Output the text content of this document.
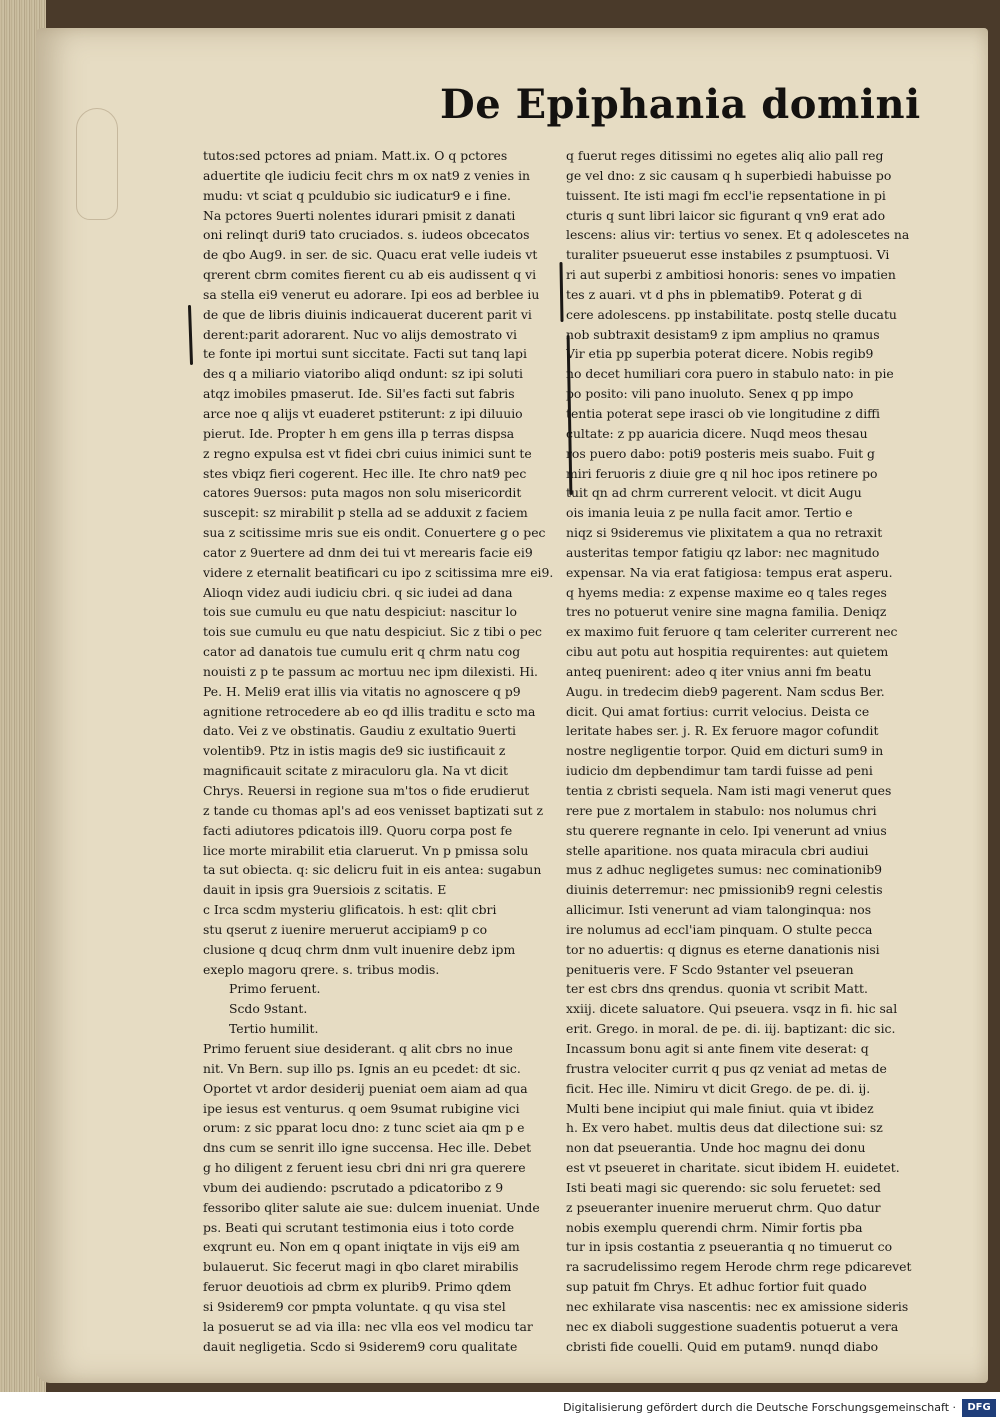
De Epiphania domini
tutos:sed pctores ad pniam. Matt.ix. O q pctores
aduertite qle iudiciu fecit chrs m ox nat9 z venies in
mudu: vt sciat q pculdubio sic iudicatur9 e i fine.
Na pctores 9uerti nolentes idurari pmisit z danati
oni relinqt duri9 tato cruciados. s. iudeos obcecatos
de qbo Aug9. in ser. de sic. Quacu erat velle iudeis vt
qrerent cbrm comites fierent cu ab eis audissent q vi
sa stella ei9 venerut eu adorare. Ipi eos ad berblee iu
de que de libris diuinis indicauerat ducerent parit vi
derent:parit adorarent. Nuc vo alijs demostrato vi
te fonte ipi mortui sunt siccitate. Facti sut tanq lapi
des q a miliario viatoribo aliqd ondunt: sz ipi soluti
atqz imobiles pmaserut. Ide. Sil'es facti sut fabris
arce noe q alijs vt euaderet pstiterunt: z ipi diluuio
pierut. Ide. Propter h em gens illa p terras dispsa
z regno expulsa est vt fidei cbri cuius inimici sunt te
stes vbiqz fieri cogerent. Hec ille. Ite chro nat9 pec
catores 9uersos: puta magos non solu misericordit
suscepit: sz mirabilit p stella ad se adduxit z faciem
sua z scitissime mris sue eis ondit. Conuertere g o pec
cator z 9uertere ad dnm dei tui vt merearis facie ei9
videre z eternalit beatificari cu ipo z scitissima mre ei9.
Alioqn videz audi iudiciu cbri. q sic iudei ad dana
tois sue cumulu eu que natu despiciut: nascitur lo
tois sue cumulu eu que natu despiciut. Sic z tibi o pec
cator ad danatois tue cumulu erit q chrm natu cog
nouisti z p te passum ac mortuu nec ipm dilexisti. Hi.
Pe. H. Meli9 erat illis via vitatis no agnoscere q p9
agnitione retrocedere ab eo qd illis traditu e scto ma
dato. Vei z ve obstinatis. Gaudiu z exultatio 9uerti
volentib9. Ptz in istis magis de9 sic iustificauit z
magnificauit scitate z miraculoru gla. Na vt dicit
Chrys. Reuersi in regione sua m'tos o fide erudierut
z tande cu thomas apl's ad eos venisset baptizati sut z
facti adiutores pdicatois ill9. Quoru corpa post fe
lice morte mirabilit etia claruerut. Vn p pmissa solu
ta sut obiecta. q: sic delicru fuit in eis antea: sugabun
dauit in ipsis gra 9uersiois z scitatis. E
c Irca scdm mysteriu glificatois. h est: qlit cbri
stu qserut z iuenire meruerut accipiam9 p co
clusione q dcuq chrm dnm vult inuenire debz ipm
exeplo magoru qrere. s. tribus modis.
Primo feruent.
Scdo 9stant.
Tertio humilit.
Primo feruent siue desiderant. q alit cbrs no inue
nit. Vn Bern. sup illo ps. Ignis an eu pcedet: dt sic.
Oportet vt ardor desiderij pueniat oem aiam ad qua
ipe iesus est venturus. q oem 9sumat rubigine vici
orum: z sic pparat locu dno: z tunc sciet aia qm p e
dns cum se senrit illo igne succensa. Hec ille. Debet
g ho diligent z feruent iesu cbri dni nri gra querere
vbum dei audiendo: pscrutado a pdicatoribo z 9
fessoribo qliter salute aie sue: dulcem inueniat. Unde
ps. Beati qui scrutant testimonia eius i toto corde
exqrunt eu. Non em q opant iniqtate in vijs ei9 am
bulauerut. Sic fecerut magi in qbo claret mirabilis
feruor deuotiois ad cbrm ex plurib9. Primo qdem
si 9siderem9 cor pmpta voluntate. q qu visa stel
la posuerut se ad via illa: nec vlla eos vel modicu tar
dauit negligetia. Scdo si 9siderem9 coru qualitate
q fuerut reges ditissimi no egetes aliq alio pall reg
ge vel dno: z sic causam q h superbiedi habuisse po
tuissent. Ite isti magi fm eccl'ie repsentatione in pi
cturis q sunt libri laicor sic figurant q vn9 erat ado
lescens: alius vir: tertius vo senex. Et q adolescetes na
turaliter psueuerut esse instabiles z psumptuosi. Vi
ri aut superbi z ambitiosi honoris: senes vo impatien
tes z auari. vt d phs in pblematib9. Poterat g di
cere adolescens. pp instabilitate. postq stelle ducatu
nob subtraxit desistam9 z ipm amplius no qramus
Vir etia pp superbia poterat dicere. Nobis regib9
no decet humiliari cora puero in stabulo nato: in pie
po posito: vili pano inuoluto. Senex q pp impo
tentia poterat sepe irasci ob vie longitudine z diffi
cultate: z pp auaricia dicere. Nuqd meos thesau
ros puero dabo: poti9 posteris meis suabo. Fuit g
miri feruoris z diuie gre q nil hoc ipos retinere po
tuit qn ad chrm currerent velocit. vt dicit Augu
ois imania leuia z pe nulla facit amor. Tertio e
niqz si 9sideremus vie plixitatem a qua no retraxit
austeritas tempor fatigiu qz labor: nec magnitudo
expensar. Na via erat fatigiosa: tempus erat asperu.
q hyems media: z expense maxime eo q tales reges
tres no potuerut venire sine magna familia. Deniqz
ex maximo fuit feruore q tam celeriter currerent nec
cibu aut potu aut hospitia requirentes: aut quietem
anteq puenirent: adeo q iter vnius anni fm beatu
Augu. in tredecim dieb9 pagerent. Nam scdus Ber.
dicit. Qui amat fortius: currit velocius. Deista ce
leritate habes ser. j. R. Ex feruore magor cofundit
nostre negligentie torpor. Quid em dicturi sum9 in
iudicio dm depbendimur tam tardi fuisse ad peni
tentia z cbristi sequela. Nam isti magi venerut ques
rere pue z mortalem in stabulo: nos nolumus chri
stu querere regnante in celo. Ipi venerunt ad vnius
stelle aparitione. nos quata miracula cbri audiui
mus z adhuc negligetes sumus: nec cominationib9
diuinis deterremur: nec pmissionib9 regni celestis
allicimur. Isti venerunt ad viam talonginqua: nos
ire nolumus ad eccl'iam pinquam. O stulte pecca
tor no aduertis: q dignus es eterne danationis nisi
penitueris vere. F Scdo 9stanter vel pseueran
ter est cbrs dns qrendus. quonia vt scribit Matt.
xxiij. dicete saluatore. Qui pseuera. vsqz in fi. hic sal
erit. Grego. in moral. de pe. di. iij. baptizant: dic sic.
Incassum bonu agit si ante finem vite deserat: q
frustra velociter currit q pus qz veniat ad metas de
ficit. Hec ille. Nimiru vt dicit Grego. de pe. di. ij.
Multi bene incipiut qui male finiut. quia vt ibidez
h. Ex vero habet. multis deus dat dilectione sui: sz
non dat pseuerantia. Unde hoc magnu dei donu
est vt pseueret in charitate. sicut ibidem H. euidetet.
Isti beati magi sic querendo: sic solu feruetet: sed
z pseueranter inuenire meruerut chrm. Quo datur
nobis exemplu querendi chrm. Nimir fortis pba
tur in ipsis costantia z pseuerantia q no timuerut co
ra sacrudelissimo regem Herode chrm rege pdicarevet
sup patuit fm Chrys. Et adhuc fortior fuit quado
nec exhilarate visa nascentis: nec ex amissione sideris
nec ex diaboli suggestione suadentis potuerut a vera
cbristi fide couelli. Quid em putam9. nunqd diabo
Digitalisierung gefördert durch die Deutsche Forschungsgemeinschaft ·	DFG
